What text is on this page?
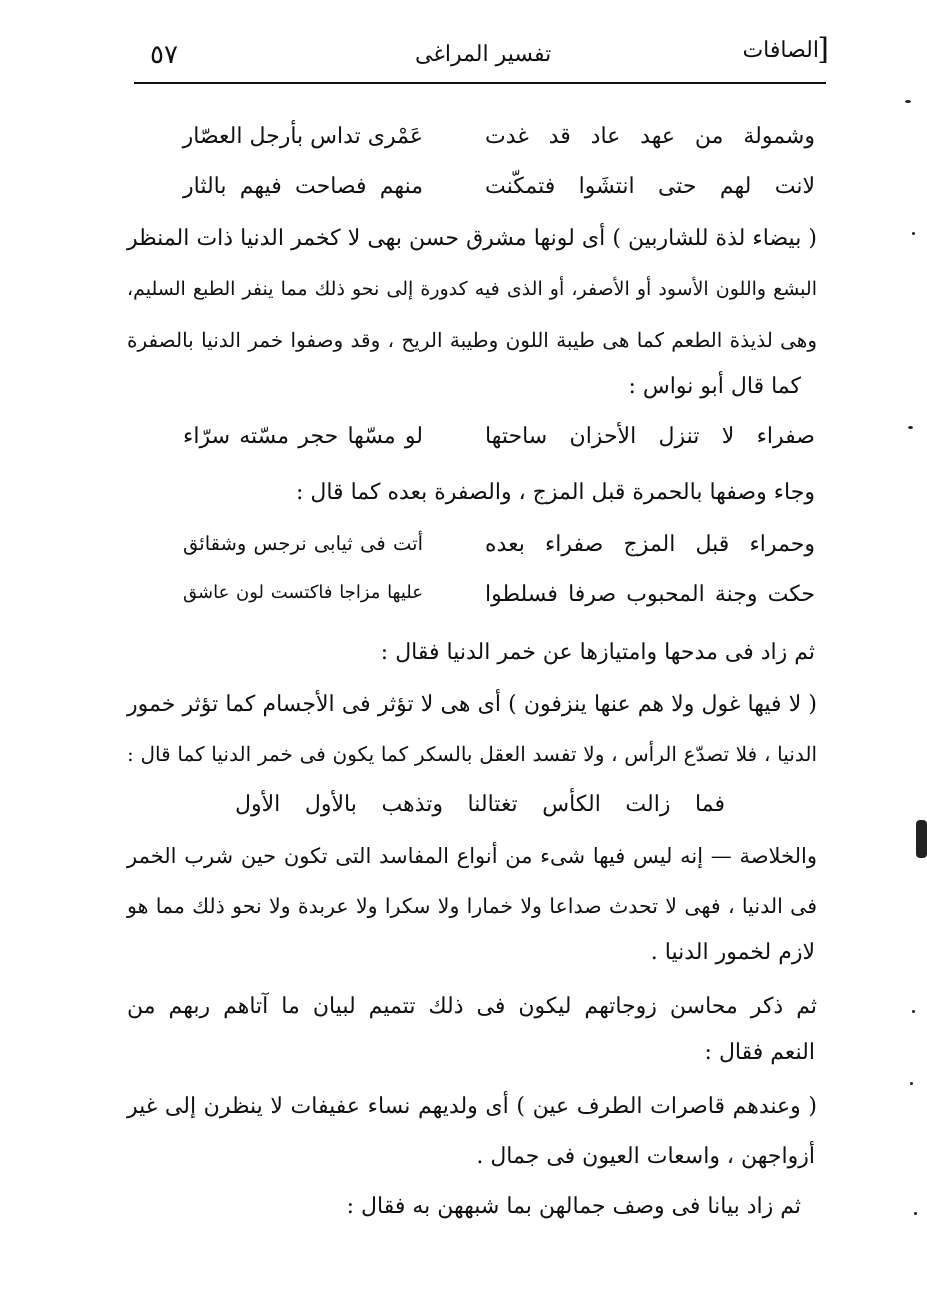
٥٧	تفسير المراغى	]
الصافات
وشمولة من عهد عاد قد غدت
عَمْرى تداس بأرجل العصّار
لانت لهم حتى انتشَوا فتمكّنت
منهم فصاحت فيهم بالثار
( بيضاء لذة للشاربين ) أى لونها مشرق حسن بهى لا كخمر الدنيا ذات المنظر
البشع واللون الأسود أو الأصفر، أو الذى فيه كدورة إلى نحو ذلك مما ينفر الطبع السليم،
وهى لذيذة الطعم كما هى طيبة اللون وطيبة الريح ، وقد وصفوا خمر الدنيا بالصفرة
كما قال أبو نواس :
صفراء لا تنزل الأحزان ساحتها
لو مسّها حجر مسّته سرّاء
وجاء وصفها بالحمرة قبل المزج ، والصفرة بعده كما قال :
وحمراء قبل المزج صفراء بعده
أتت فى ثيابى نرجس وشقائق
حكت وجنة المحبوب صرفا فسلطوا
عليها مزاجا فاكتست لون عاشق
ثم زاد فى مدحها وامتيازها عن خمر الدنيا فقال :
( لا فيها غول ولا هم عنها ينزفون ) أى هى لا تؤثر فى الأجسام كما تؤثر خمور
الدنيا ، فلا تصدّع الرأس ، ولا تفسد العقل بالسكر كما يكون فى خمر الدنيا كما قال :
فما زالت الكأس تغتالنا وتذهب بالأول الأول
والخلاصة — إنه ليس فيها شىء من أنواع المفاسد التى تكون حين شرب الخمر
فى الدنيا ، فهى لا تحدث صداعا ولا خمارا ولا سكرا ولا عربدة ولا نحو ذلك مما هو
لازم لخمور الدنيا .
ثم ذكر محاسن زوجاتهم ليكون فى ذلك تتميم لبيان ما آتاهم ربهم من
النعم فقال :
( وعندهم قاصرات الطرف عين ) أى ولديهم نساء عفيفات لا ينظرن إلى غير
أزواجهن ، واسعات العيون فى جمال .
ثم زاد بيانا فى وصف جمالهن بما شبههن به فقال :
